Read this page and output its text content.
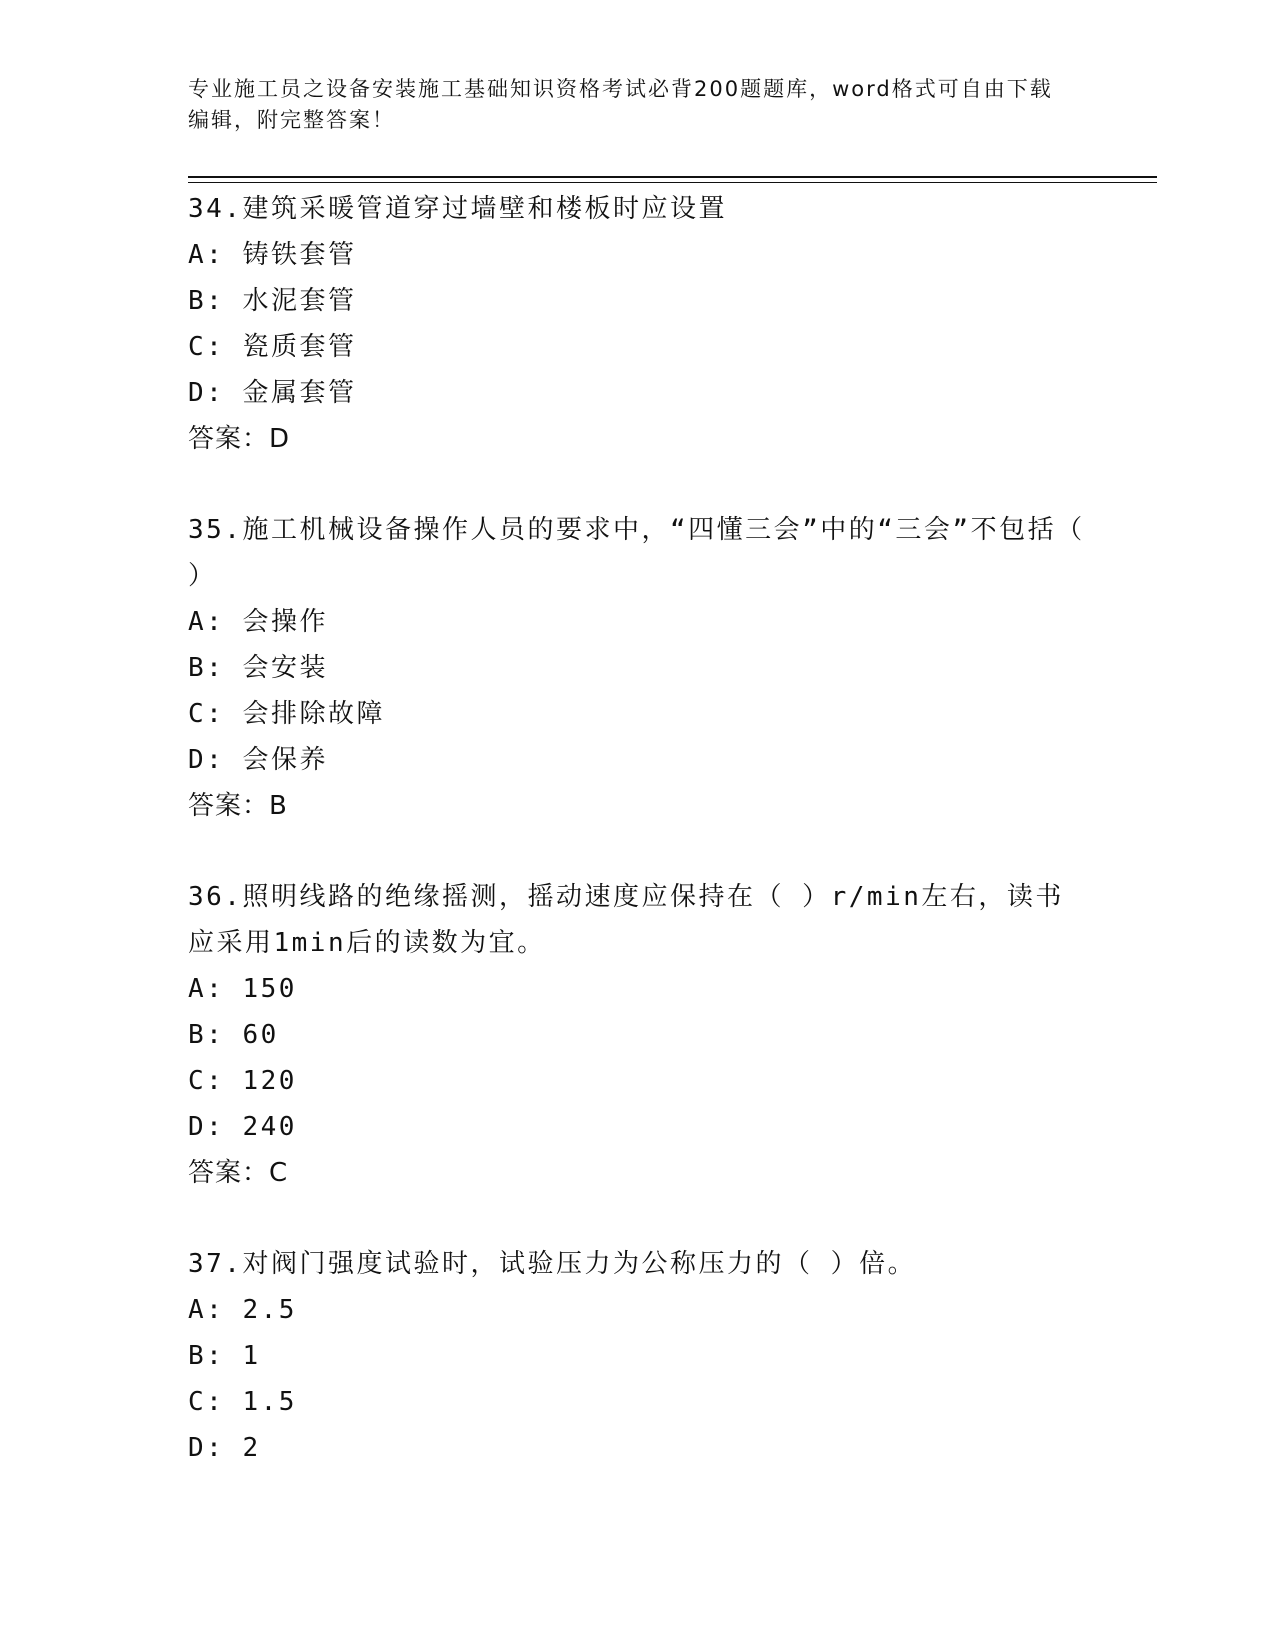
专业施工员之设备安装施工基础知识资格考试必背200题题库，word格式可自由下载编辑，附完整答案！
34.建筑采暖管道穿过墙壁和楼板时应设置
A: 铸铁套管
B: 水泥套管
C: 瓷质套管
D: 金属套管
答案：D
35.施工机械设备操作人员的要求中，“四懂三会”中的“三会”不包括（ ）
A: 会操作
B: 会安装
C: 会排除故障
D: 会保养
答案：B
36.照明线路的绝缘摇测，摇动速度应保持在（ ）r/min左右，读书应采用1min后的读数为宜。
A: 150
B: 60
C: 120
D: 240
答案：C
37.对阀门强度试验时，试验压力为公称压力的（ ）倍。
A: 2.5
B: 1
C: 1.5
D: 2
